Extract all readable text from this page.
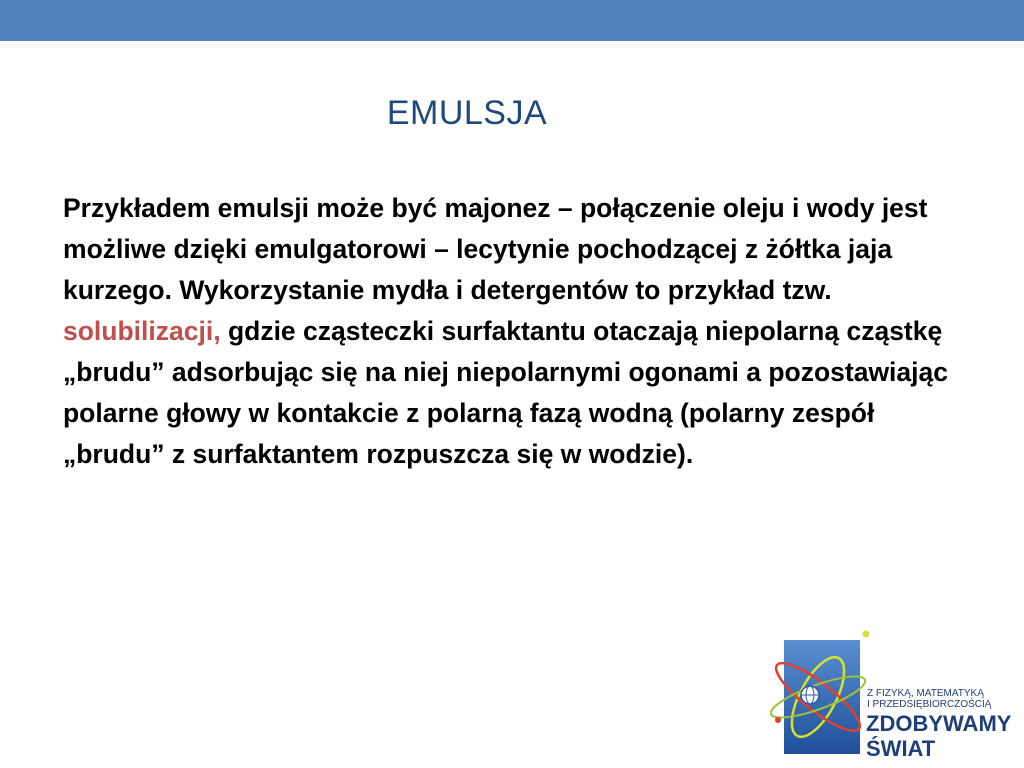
EMULSJA
Przykładem emulsji może być majonez – połączenie oleju i wody jest możliwe dzięki emulgatorowi – lecytynie pochodzącej z żółtka jaja kurzego. Wykorzystanie mydła i detergentów to przykład tzw. solubilizacji, gdzie cząsteczki surfaktantu otaczają niepolarną cząstkę „brudu” adsorbując się na niej niepolarnymi ogonami a pozostawiając polarne głowy w kontakcie z polarną fazą wodną (polarny zespół „brudu” z surfaktantem rozpuszcza się w wodzie).
Z FIZYKĄ, MATEMATYKĄ
I PRZEDSIĘBIORCZOŚCIĄ
ZDOBYWAMY
ŚWIAT
